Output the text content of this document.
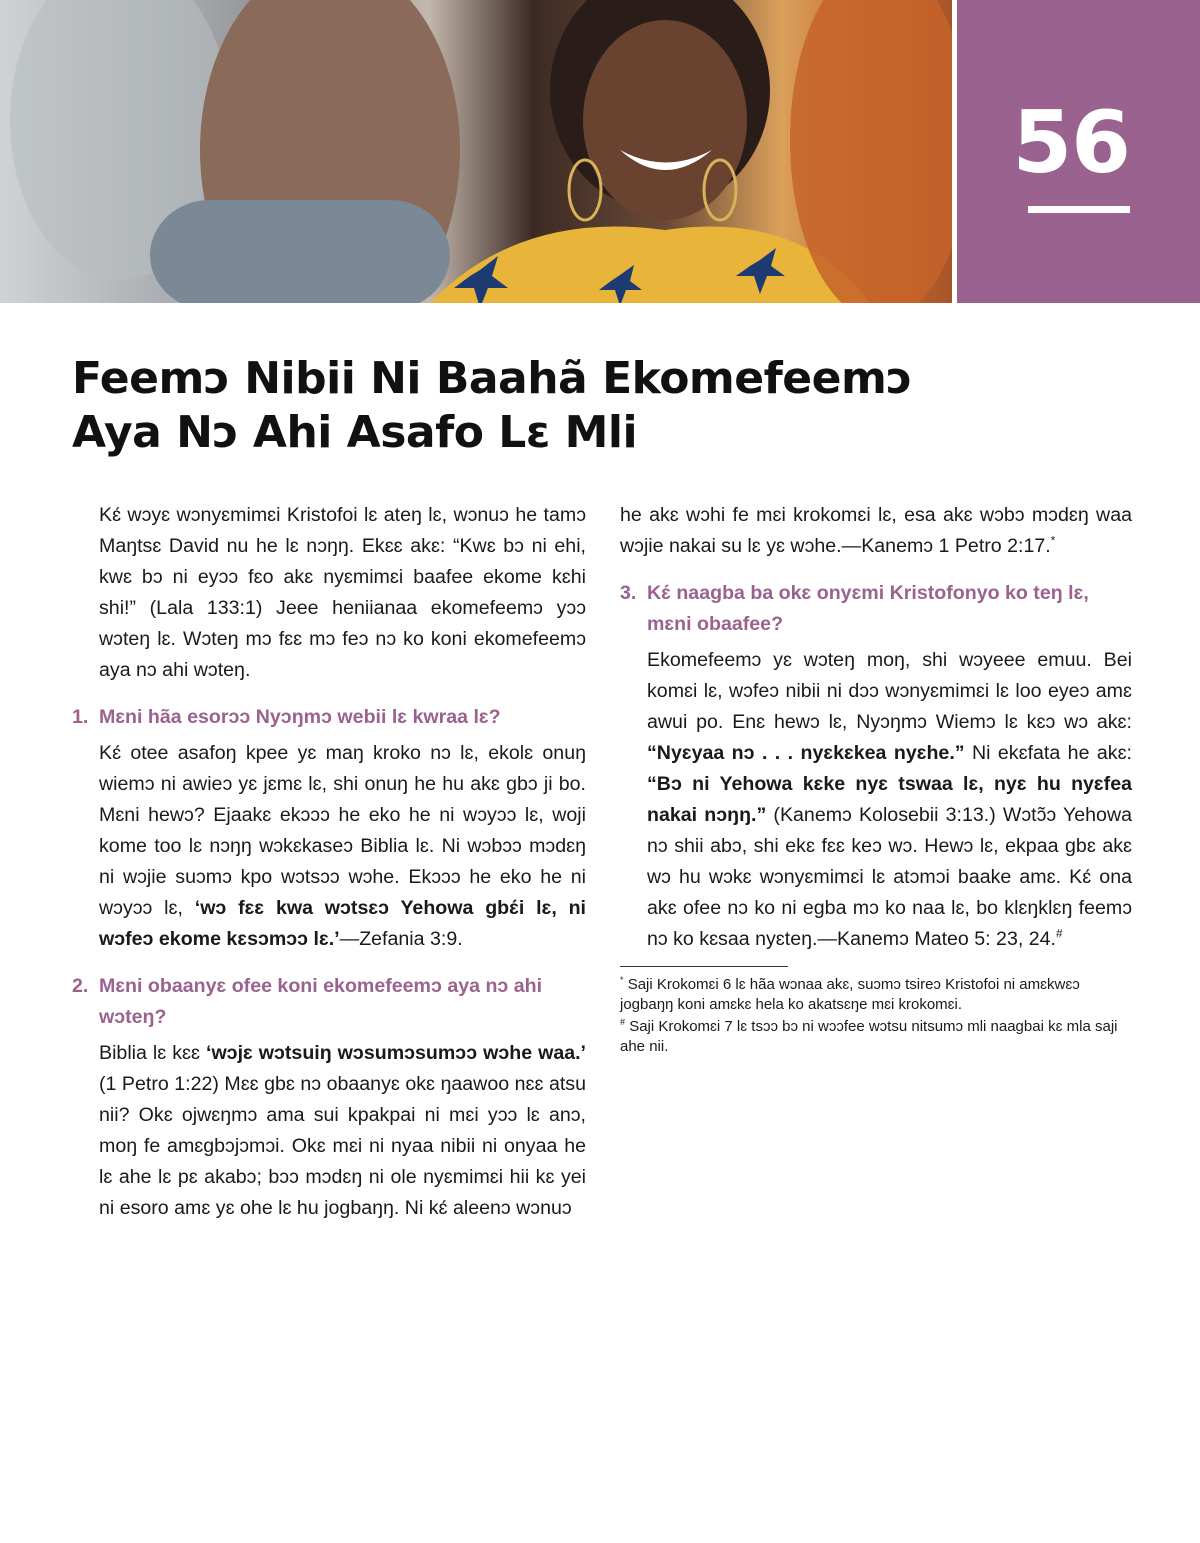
56
Feemɔ Nibii Ni Baahã Ekomefeemɔ
Aya Nɔ Ahi Asafo Lɛ Mli

Kɛ́ wɔyɛ wɔnyɛmimɛi Kristofoi lɛ ateŋ lɛ, wɔnuɔ he tamɔ Maŋtsɛ David nu he lɛ nɔŋŋ. Ekɛɛ akɛ: “Kwɛ bɔ ni ehi, kwɛ bɔ ni eyɔɔ fɛo akɛ nyɛmimɛi baafee ekome kɛhi shi!” (Lala 133:1) Jeee heniianaa ekomefeemɔ yɔɔ wɔteŋ lɛ. Wɔteŋ mɔ fɛɛ mɔ feɔ nɔ ko koni ekomefeemɔ aya nɔ ahi wɔteŋ.

1. Mɛni hãa esorɔɔ Nyɔŋmɔ webii lɛ kwraa lɛ?

Kɛ́ otee asafoŋ kpee yɛ maŋ kroko nɔ lɛ, ekolɛ onuŋ wiemɔ ni awieɔ yɛ jɛmɛ lɛ, shi onuŋ he hu akɛ gbɔ ji bo. Mɛni hewɔ? Ejaakɛ ekɔɔɔ he eko he ni wɔyɔɔ lɛ, woji kome too lɛ nɔŋŋ wɔkɛkaseɔ Biblia lɛ. Ni wɔbɔɔ mɔdɛŋ ni wɔjie suɔmɔ kpo wɔtsɔɔ wɔhe. Ekɔɔɔ he eko he ni wɔyɔɔ lɛ, ‘wɔ fɛɛ kwa wɔtsɛɔ Yehowa gbɛ́i lɛ, ni wɔfeɔ ekome kɛsɔmɔɔ lɛ.’—Zefania 3:9.

2. Mɛni obaanyɛ ofee koni ekomefeemɔ aya nɔ ahi wɔteŋ?

Biblia lɛ kɛɛ ‘wɔjɛ wɔtsuiŋ wɔsumɔsumɔɔ wɔhe waa.’ (1 Petro 1:22) Mɛɛ gbɛ nɔ obaanyɛ okɛ ŋaawoo nɛɛ atsu nii? Okɛ ojwɛŋmɔ ama sui kpakpai ni mɛi yɔɔ lɛ anɔ, moŋ fe amɛgbɔjɔmɔi. Okɛ mɛi ni nyaa nibii ni onyaa he lɛ ahe lɛ pɛ akabɔ; bɔɔ mɔdɛŋ ni ole nyɛmimɛi hii kɛ yei ni esoro amɛ yɛ ohe lɛ hu jogbaŋŋ. Ni kɛ́ aleenɔ wɔnuɔ

he akɛ wɔhi fe mɛi krokomɛi lɛ, esa akɛ wɔbɔ mɔdɛŋ waa wɔjie nakai su lɛ yɛ wɔhe.—Kanemɔ 1 Petro 2:17.*

3. Kɛ́ naagba ba okɛ onyɛmi Kristofonyo ko teŋ lɛ, mɛni obaafee?

Ekomefeemɔ yɛ wɔteŋ moŋ, shi wɔyeee emuu. Bei komɛi lɛ, wɔfeɔ nibii ni dɔɔ wɔnyɛmimɛi lɛ loo eyeɔ amɛ awui po. Enɛ hewɔ lɛ, Nyɔŋmɔ Wiemɔ lɛ kɛɔ wɔ akɛ: “Nyɛyaa nɔ . . . nyɛkɛkea nyɛhe.” Ni ekɛfata he akɛ: “Bɔ ni Yehowa kɛke nyɛ tswaa lɛ, nyɛ hu nyɛfea nakai nɔŋŋ.” (Kanemɔ Kolosebii 3:13.) Wɔtɔ̃ɔ Yehowa nɔ shii abɔ, shi ekɛ fɛɛ keɔ wɔ. Hewɔ lɛ, ekpaa gbɛ akɛ wɔ hu wɔkɛ wɔnyɛmimɛi lɛ atɔmɔi baake amɛ. Kɛ́ ona akɛ ofee nɔ ko ni egba mɔ ko naa lɛ, bo klɛŋklɛŋ feemɔ nɔ ko kɛsaa nyɛteŋ.—Kanemɔ Mateo 5: 23, 24.#

* Saji Krokomɛi 6 lɛ hãa wɔnaa akɛ, suɔmɔ tsireɔ Kristofoi ni amɛkwɛɔ jogbaŋŋ koni amɛkɛ hela ko akatsɛŋe mɛi krokomɛi.

# Saji Krokomɛi 7 lɛ tsɔɔ bɔ ni wɔɔfee wɔtsu nitsumɔ mli naagbai kɛ mla saji ahe nii.
